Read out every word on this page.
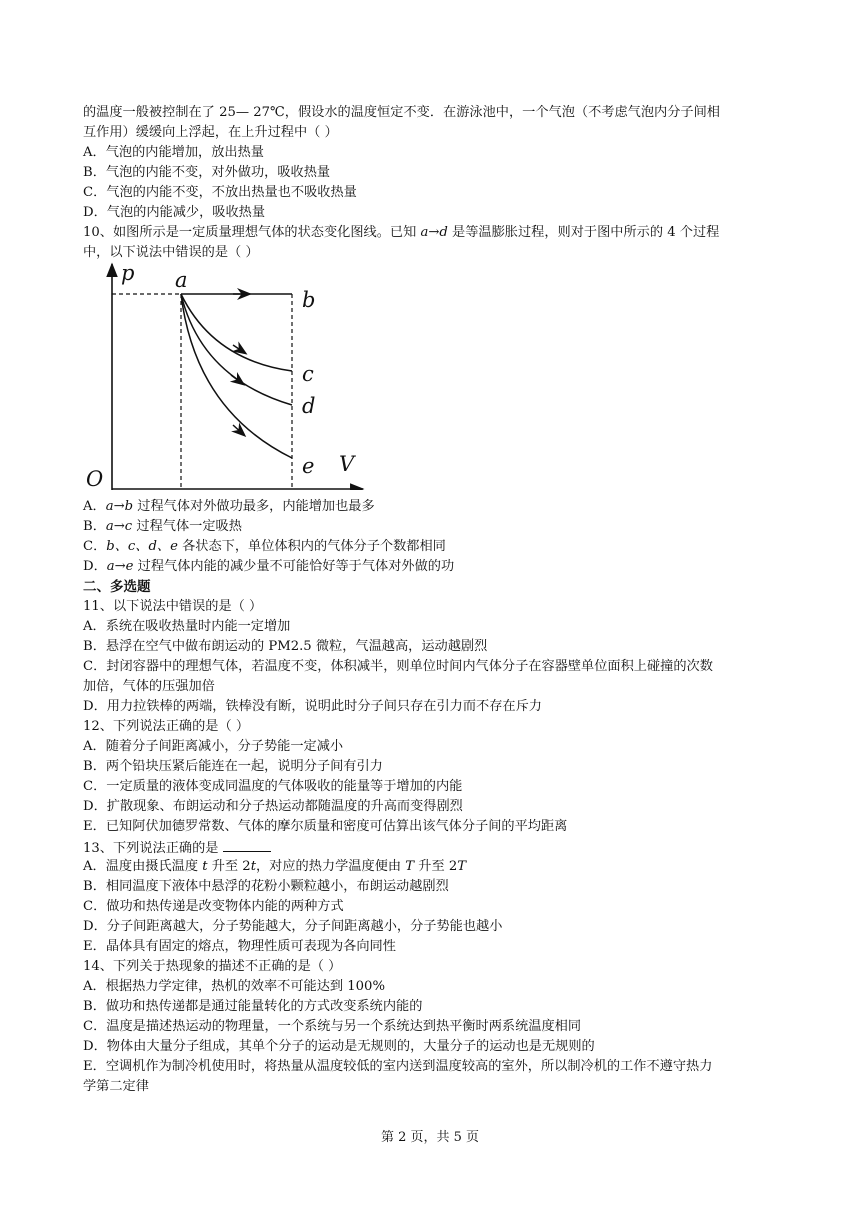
的温度一般被控制在了 25— 27℃，假设水的温度恒定不变．在游泳池中，一个气泡（不考虑气泡内分子间相
互作用）缓缓向上浮起，在上升过程中（ ）
A．气泡的内能增加，放出热量
B．气泡的内能不变，对外做功，吸收热量
C．气泡的内能不变，不放出热量也不吸收热量
D．气泡的内能减少，吸收热量
10、如图所示是一定质量理想气体的状态变化图线。已知 a→d 是等温膨胀过程，则对于图中所示的 4 个过程
中，以下说法中错误的是（ ）
p
V
O
a
b
c
d
e
A．a→b 过程气体对外做功最多，内能增加也最多
B．a→c 过程气体一定吸热
C．b、c、d、e 各状态下，单位体积内的气体分子个数都相同
D．a→e 过程气体内能的减少量不可能恰好等于气体对外做的功
二、多选题
11、以下说法中错误的是（ ）
A．系统在吸收热量时内能一定增加
B．悬浮在空气中做布朗运动的 PM2.5 微粒，气温越高，运动越剧烈
C．封闭容器中的理想气体，若温度不变，体积减半，则单位时间内气体分子在容器壁单位面积上碰撞的次数
加倍，气体的压强加倍
D．用力拉铁棒的两端，铁棒没有断，说明此时分子间只存在引力而不存在斥力
12、下列说法正确的是（ ）
A．随着分子间距离减小，分子势能一定减小
B．两个铅块压紧后能连在一起，说明分子间有引力
C．一定质量的液体变成同温度的气体吸收的能量等于增加的内能
D．扩散现象、布朗运动和分子热运动都随温度的升高而变得剧烈
E．已知阿伏加德罗常数、气体的摩尔质量和密度可估算出该气体分子间的平均距离
13、下列说法正确的是
A．温度由摄氏温度 t 升至 2t，对应的热力学温度便由 T 升至 2T
B．相同温度下液体中悬浮的花粉小颗粒越小，布朗运动越剧烈
C．做功和热传递是改变物体内能的两种方式
D．分子间距离越大，分子势能越大，分子间距离越小，分子势能也越小
E．晶体具有固定的熔点，物理性质可表现为各向同性
14、下列关于热现象的描述不正确的是（ ）
A．根据热力学定律，热机的效率不可能达到 100%
B．做功和热传递都是通过能量转化的方式改变系统内能的
C．温度是描述热运动的物理量，一个系统与另一个系统达到热平衡时两系统温度相同
D．物体由大量分子组成，其单个分子的运动是无规则的，大量分子的运动也是无规则的
E．空调机作为制冷机使用时，将热量从温度较低的室内送到温度较高的室外，所以制冷机的工作不遵守热力
学第二定律
第 2 页，共 5 页
